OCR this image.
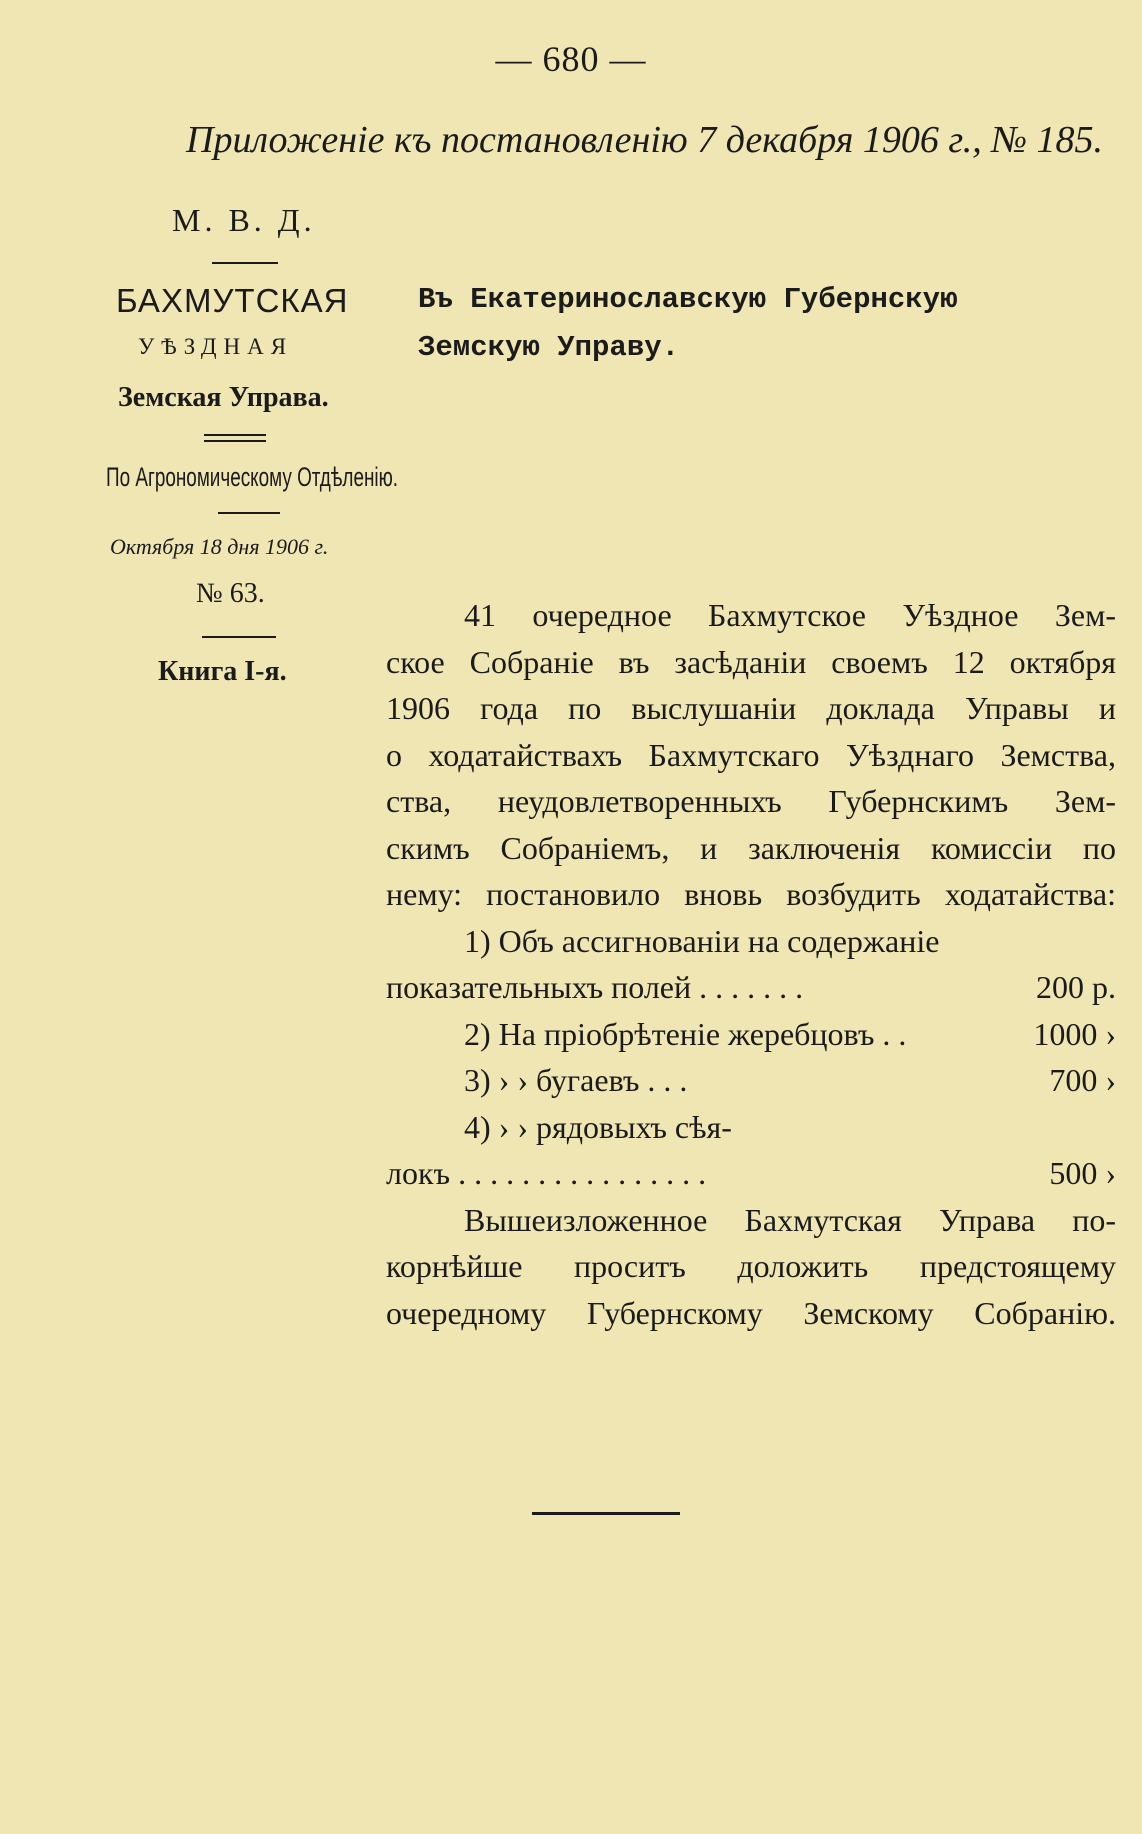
— 680 —
Приложеніе къ постановленію 7 декабря 1906 г., № 185.
М. В. Д.
БАХМУТСКАЯ
УѢЗДНАЯ
Земская Управа.
По Агрономическому Отдѣленію.
Октября 18 дня 1906 г.
№ 63.
Книга І-я.
Въ Екатеринославскую Губернскую
Земскую Управу.
41 очередное Бахмутское Уѣздное Зем-
ское Собраніе въ засѣданіи своемъ 12 октября
1906 года по выслушаніи доклада Управы и
о ходатайствахъ Бахмутскаго Уѣзднаго Земства,
ства, неудовлетворенныхъ Губернскимъ Зем-
скимъ Собраніемъ, и заключенія комиссіи по
нему: постановило вновь возбудить ходатайства:
1) Объ ассигнованіи на содержаніе
показательныхъ полей . . . . . . .	200 р.
2) На пріобрѣтеніе жеребцовъ . .	1000 ›
3) › › бугаевъ . . .	700 ›
4) › › рядовыхъ сѣя-
локъ . . . . . . . . . . . . . . . .	500 ›
Вышеизложенное Бахмутская Управа по-
корнѣйше проситъ доложить предстоящему
очередному Губернскому Земскому Собранію.
